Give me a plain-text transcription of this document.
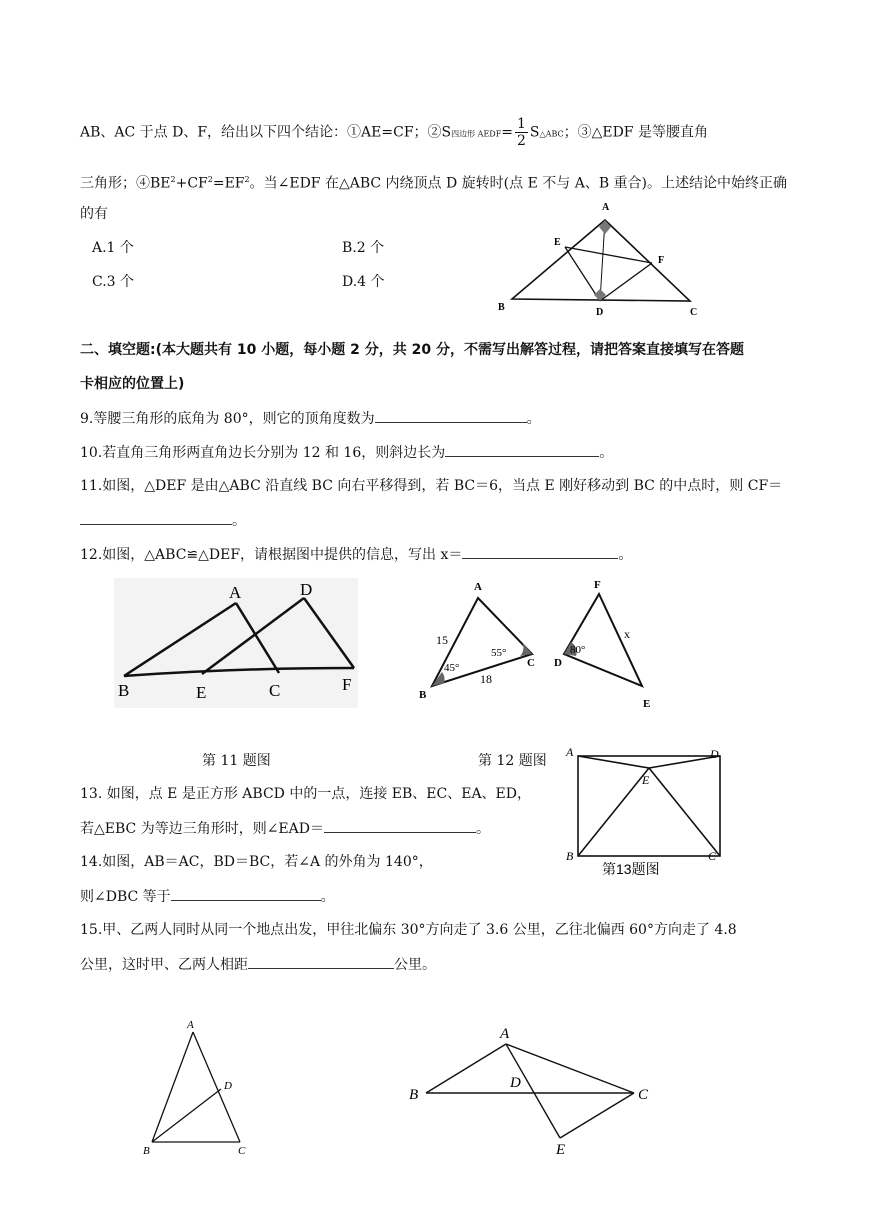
AB、AC 于点 D、F，给出以下四个结论：①AE=CF；②S四边形 AEDF= $\frac{1}{2}$ S△ABC；③△EDF 是等腰直角
三角形；$④BE^2+CF^2=EF^2$。当∠EDF 在△ABC 内绕顶点 D 旋转时(点 E 不与 A、B 重合)。上述结论中始终正确
的有
A.1 个	B.2 个
C.3 个	D.4 个
A
B	C
D
E
F
二、填空题:(本大题共有 10 小题，每小题 2 分，共 20 分，不需写出解答过程，请把答案直接填写在答题
卡相应的位置上)
9.等腰三角形的底角为 80°，则它的顶角度数为	。
10.若直角三角形两直角边长分别为 12 和 16，则斜边长为	。
11.如图，△DEF 是由△ABC 沿直线 BC 向右平移得到，若 BC＝6，当点 E 刚好移动到 BC 的中点时，则 CF＝
。
12.如图，△ABC≌△DEF，请根据图中提供的信息，写出 x＝	。
A
B	C
D
E	F
A
B
C D
E
F
15
18
45°
55°	80°
x
第 11 题图	第 12 题图
A
B	C
D
E
第13题图
13. 如图，点 E 是正方形 ABCD 中的一点，连接 EB、EC、EA、ED，
若△EBC 为等边三角形时，则∠EAD＝	。
14.如图，AB＝AC，BD＝BC，若∠A 的外角为 140°，
则∠DBC 等于	。
15.甲、乙两人同时从同一个地点出发，甲往北偏东 30°方向走了 3.6 公里，乙往北偏西 60°方向走了 4.8
公里，这时甲、乙两人相距	公里。
A
B	C
D
A
B	C
D
E
